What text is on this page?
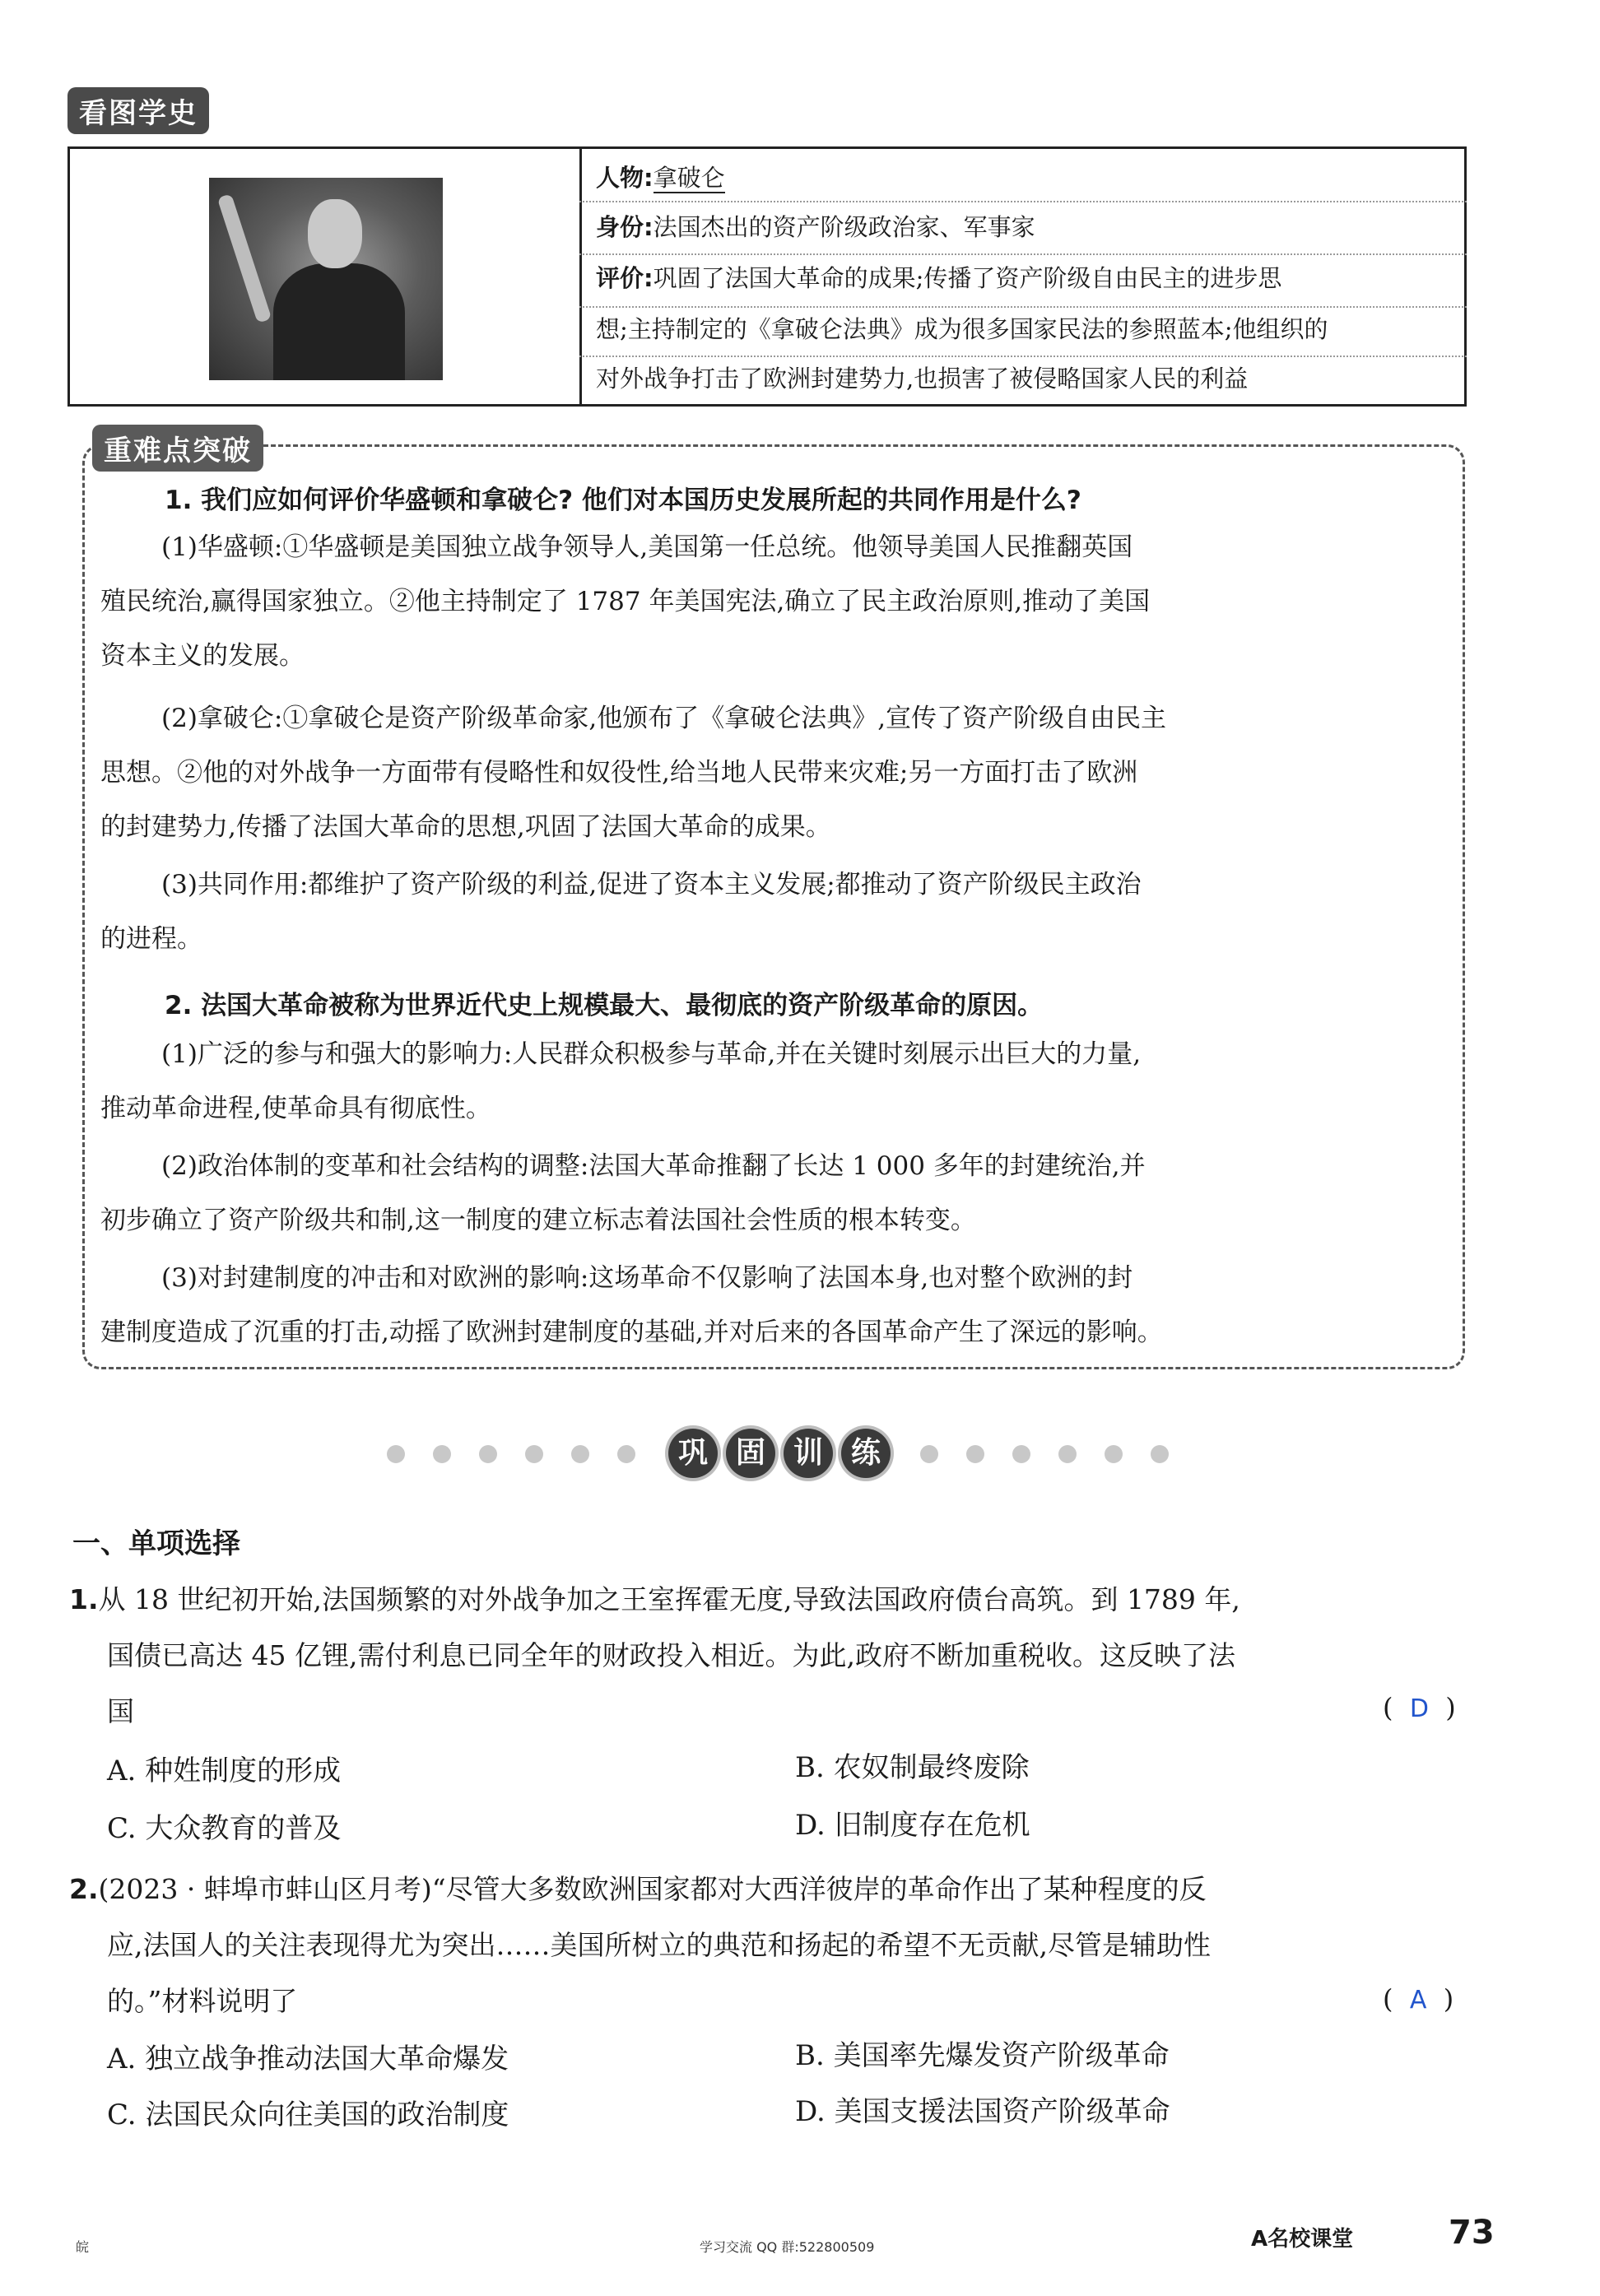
看图学史
人物:拿破仑
身份:法国杰出的资产阶级政治家、军事家
评价:巩固了法国大革命的成果;传播了资产阶级自由民主的进步思
想;主持制定的《拿破仑法典》成为很多国家民法的参照蓝本;他组织的
对外战争打击了欧洲封建势力,也损害了被侵略国家人民的利益
重难点突破
1. 我们应如何评价华盛顿和拿破仑? 他们对本国历史发展所起的共同作用是什么?
(1)华盛顿:①华盛顿是美国独立战争领导人,美国第一任总统。他领导美国人民推翻英国
殖民统治,赢得国家独立。②他主持制定了 1787 年美国宪法,确立了民主政治原则,推动了美国
资本主义的发展。
(2)拿破仑:①拿破仑是资产阶级革命家,他颁布了《拿破仑法典》,宣传了资产阶级自由民主
思想。②他的对外战争一方面带有侵略性和奴役性,给当地人民带来灾难;另一方面打击了欧洲
的封建势力,传播了法国大革命的思想,巩固了法国大革命的成果。
(3)共同作用:都维护了资产阶级的利益,促进了资本主义发展;都推动了资产阶级民主政治
的进程。
2. 法国大革命被称为世界近代史上规模最大、最彻底的资产阶级革命的原因。
(1)广泛的参与和强大的影响力:人民群众积极参与革命,并在关键时刻展示出巨大的力量,
推动革命进程,使革命具有彻底性。
(2)政治体制的变革和社会结构的调整:法国大革命推翻了长达 1 000 多年的封建统治,并
初步确立了资产阶级共和制,这一制度的建立标志着法国社会性质的根本转变。
(3)对封建制度的冲击和对欧洲的影响:这场革命不仅影响了法国本身,也对整个欧洲的封
建制度造成了沉重的打击,动摇了欧洲封建制度的基础,并对后来的各国革命产生了深远的影响。
巩 固 训 练
一、单项选择
1.从 18 世纪初开始,法国频繁的对外战争加之王室挥霍无度,导致法国政府债台高筑。到 1789 年,
国债已高达 45 亿锂,需付利息已同全年的财政投入相近。为此,政府不断加重税收。这反映了法
国	( D )
A. 种姓制度的形成	B. 农奴制最终废除
C. 大众教育的普及	D. 旧制度存在危机
2.(2023 · 蚌埠市蚌山区月考)“尽管大多数欧洲国家都对大西洋彼岸的革命作出了某种程度的反
应,法国人的关注表现得尤为突出……美国所树立的典范和扬起的希望不无贡献,尽管是辅助性
的。”材料说明了	( A )
A. 独立战争推动法国大革命爆发	B. 美国率先爆发资产阶级革命
C. 法国民众向往美国的政治制度	D. 美国支援法国资产阶级革命
皖	学习交流 QQ 群:522800509	A名校课堂	73
